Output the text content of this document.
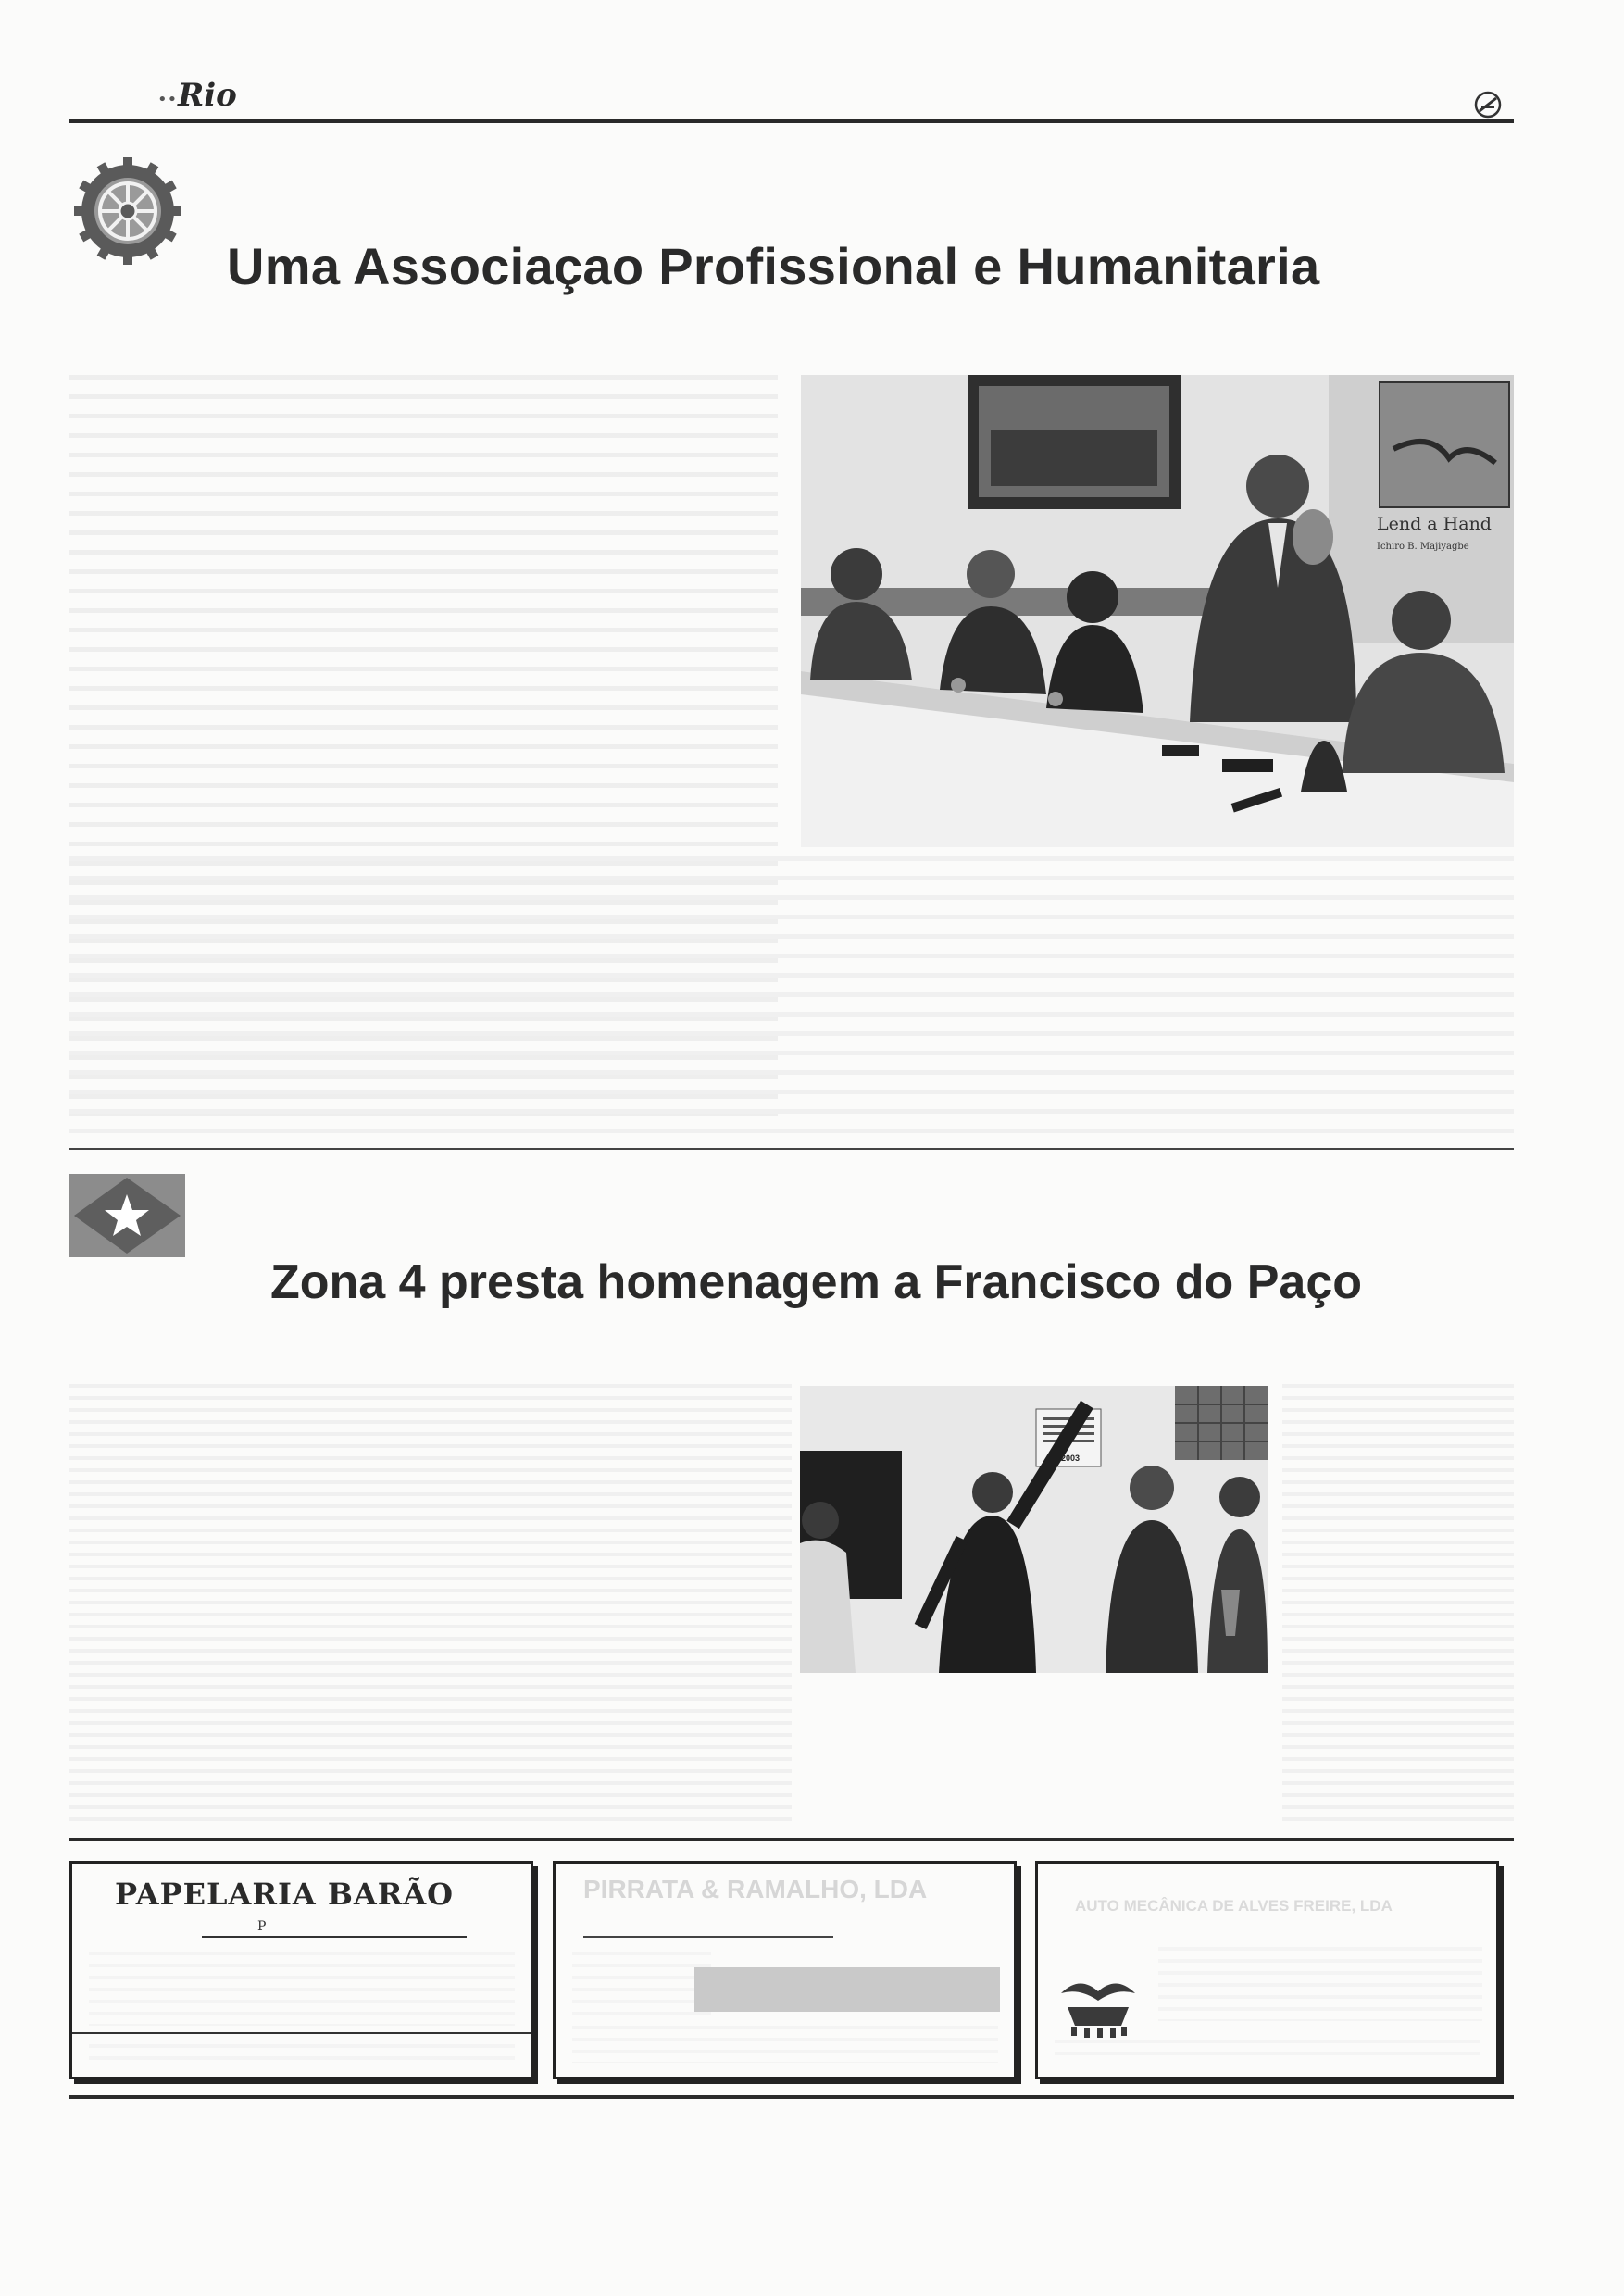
•• Rio
Uma Associaçao Profissional e Humanitaria
Lend a Hand
Ichiro B. Majiyagbe
Zona 4 presta homenagem a Francisco do Paço
2003
PAPELARIA BARÃO
P
PIRRATA & RAMALHO, LDA
AUTO MECÂNICA DE ALVES FREIRE, LDA
